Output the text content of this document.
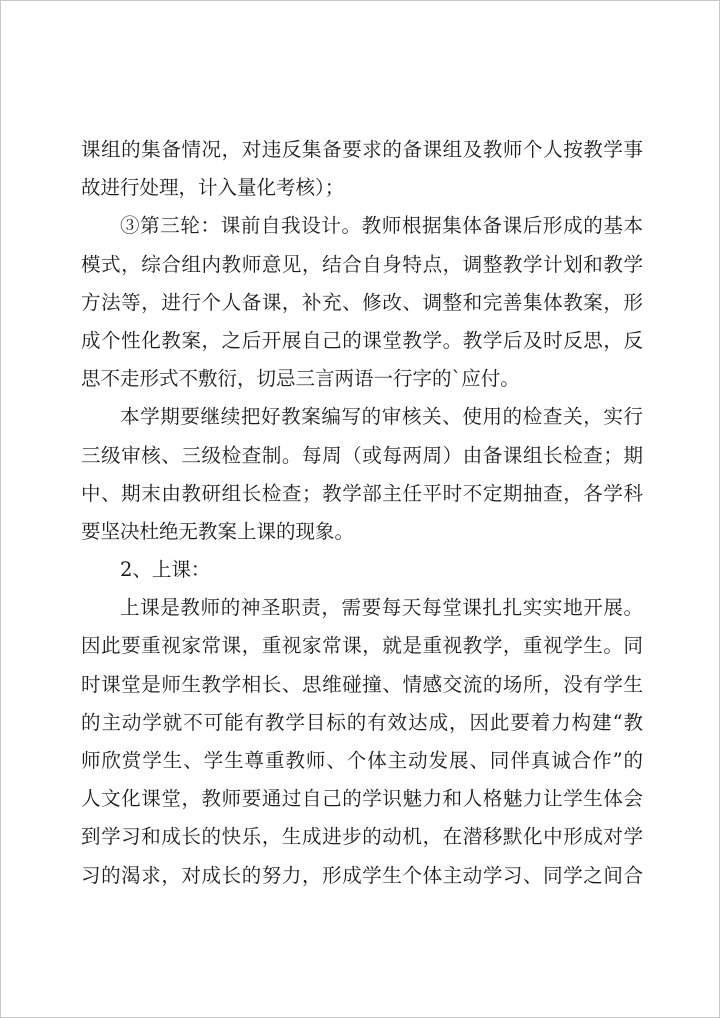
课组的集备情况，对违反集备要求的备课组及教师个人按教学事
故进行处理，计入量化考核）；
③第三轮：课前自我设计。教师根据集体备课后形成的基本
模式，综合组内教师意见，结合自身特点，调整教学计划和教学
方法等，进行个人备课，补充、修改、调整和完善集体教案，形
成个性化教案，之后开展自己的课堂教学。教学后及时反思，反
思不走形式不敷衍，切忌三言两语一行字的`应付。
本学期要继续把好教案编写的审核关、使用的检查关，实行
三级审核、三级检查制。每周（或每两周）由备课组长检查；期
中、期末由教研组长检查；教学部主任平时不定期抽查，各学科
要坚决杜绝无教案上课的现象。
2、上课：
上课是教师的神圣职责，需要每天每堂课扎扎实实地开展。
因此要重视家常课，重视家常课，就是重视教学，重视学生。同
时课堂是师生教学相长、思维碰撞、情感交流的场所，没有学生
的主动学就不可能有教学目标的有效达成，因此要着力构建“教
师欣赏学生、学生尊重教师、个体主动发展、同伴真诚合作”的
人文化课堂，教师要通过自己的学识魅力和人格魅力让学生体会
到学习和成长的快乐，生成进步的动机，在潜移默化中形成对学
习的渴求，对成长的努力，形成学生个体主动学习、同学之间合
